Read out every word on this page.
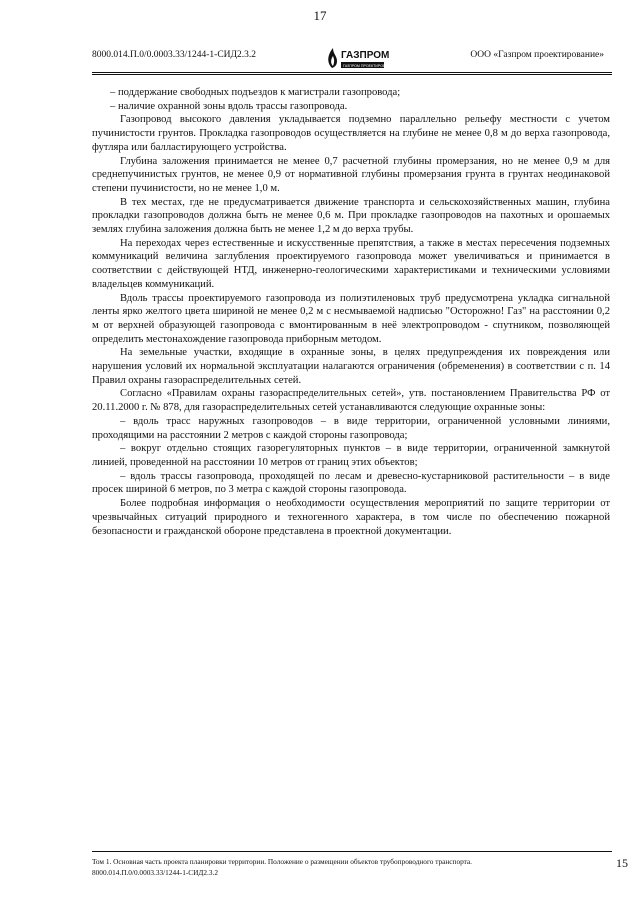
17
8000.014.П.0/0.0003.33/1244-1-СИД2.3.2	ГАЗПРОМ
ГАЗПРОМ ПРОЕКТИРОВАНИЕ
ООО «Газпром проектирование»

– поддержание свободных подъездов к магистрали газопровода;

– наличие охранной зоны вдоль трассы газопровода.

Газопровод высокого давления укладывается подземно параллельно рельефу местности с учетом пучинистости грунтов. Прокладка газопроводов осуществляется на глубине не менее 0,8 м до верха газопровода, футляра или балластирующего устройства.

Глубина заложения принимается не менее 0,7 расчетной глубины промерзания, но не менее 0,9 м для среднепучинистых грунтов, не менее 0,9 от нормативной глубины промерзания грунта в грунтах неодинаковой степени пучинистости, но не менее 1,0 м.

В тех местах, где не предусматривается движение транспорта и сельскохозяйственных машин, глубина прокладки газопроводов должна быть не менее 0,6 м. При прокладке газопроводов на пахотных и орошаемых землях глубина заложения должна быть не менее 1,2 м до верха трубы.

На переходах через естественные и искусственные препятствия, а также в местах пересечения подземных коммуникаций величина заглубления проектируемого газопровода может увеличиваться и принимается в соответствии с действующей НТД, инженерно-геологическими характеристиками и техническими условиями владельцев коммуникаций.

Вдоль трассы проектируемого газопровода из полиэтиленовых труб предусмотрена укладка сигнальной ленты ярко желтого цвета шириной не менее 0,2 м с несмываемой надписью "Осторожно! Газ" на расстоянии 0,2 м от верхней образующей газопровода с вмонтированным в неё электропроводом - спутником, позволяющей определить местонахождение газопровода приборным методом.

На земельные участки, входящие в охранные зоны, в целях предупреждения их повреждения или нарушения условий их нормальной эксплуатации налагаются ограничения (обременения) в соответствии с п. 14 Правил охраны газораспределительных сетей.

Согласно «Правилам охраны газораспределительных сетей», утв. постановлением Правительства РФ от 20.11.2000 г. № 878, для газораспределительных сетей устанавливаются следующие охранные зоны:

– вдоль трасс наружных газопроводов – в виде территории, ограниченной условными линиями, проходящими на расстоянии 2 метров с каждой стороны газопровода;

– вокруг отдельно стоящих газорегуляторных пунктов – в виде территории, ограниченной замкнутой линией, проведенной на расстоянии 10 метров от границ этих объектов;

– вдоль трассы газопровода, проходящей по лесам и древесно-кустарниковой растительности – в виде просек шириной 6 метров, по 3 метра с каждой стороны газопровода.

Более подробная информация о необходимости осуществления мероприятий по защите территории от чрезвычайных ситуаций природного и техногенного характера, в том числе по обеспечению пожарной безопасности и гражданской обороне представлена в проектной документации.

Том 1. Основная часть проекта планировки территории. Положение о размещении объектов трубопроводного транспорта.
8000.014.П.0/0.0003.33/1244-1-СИД2.3.2
15
